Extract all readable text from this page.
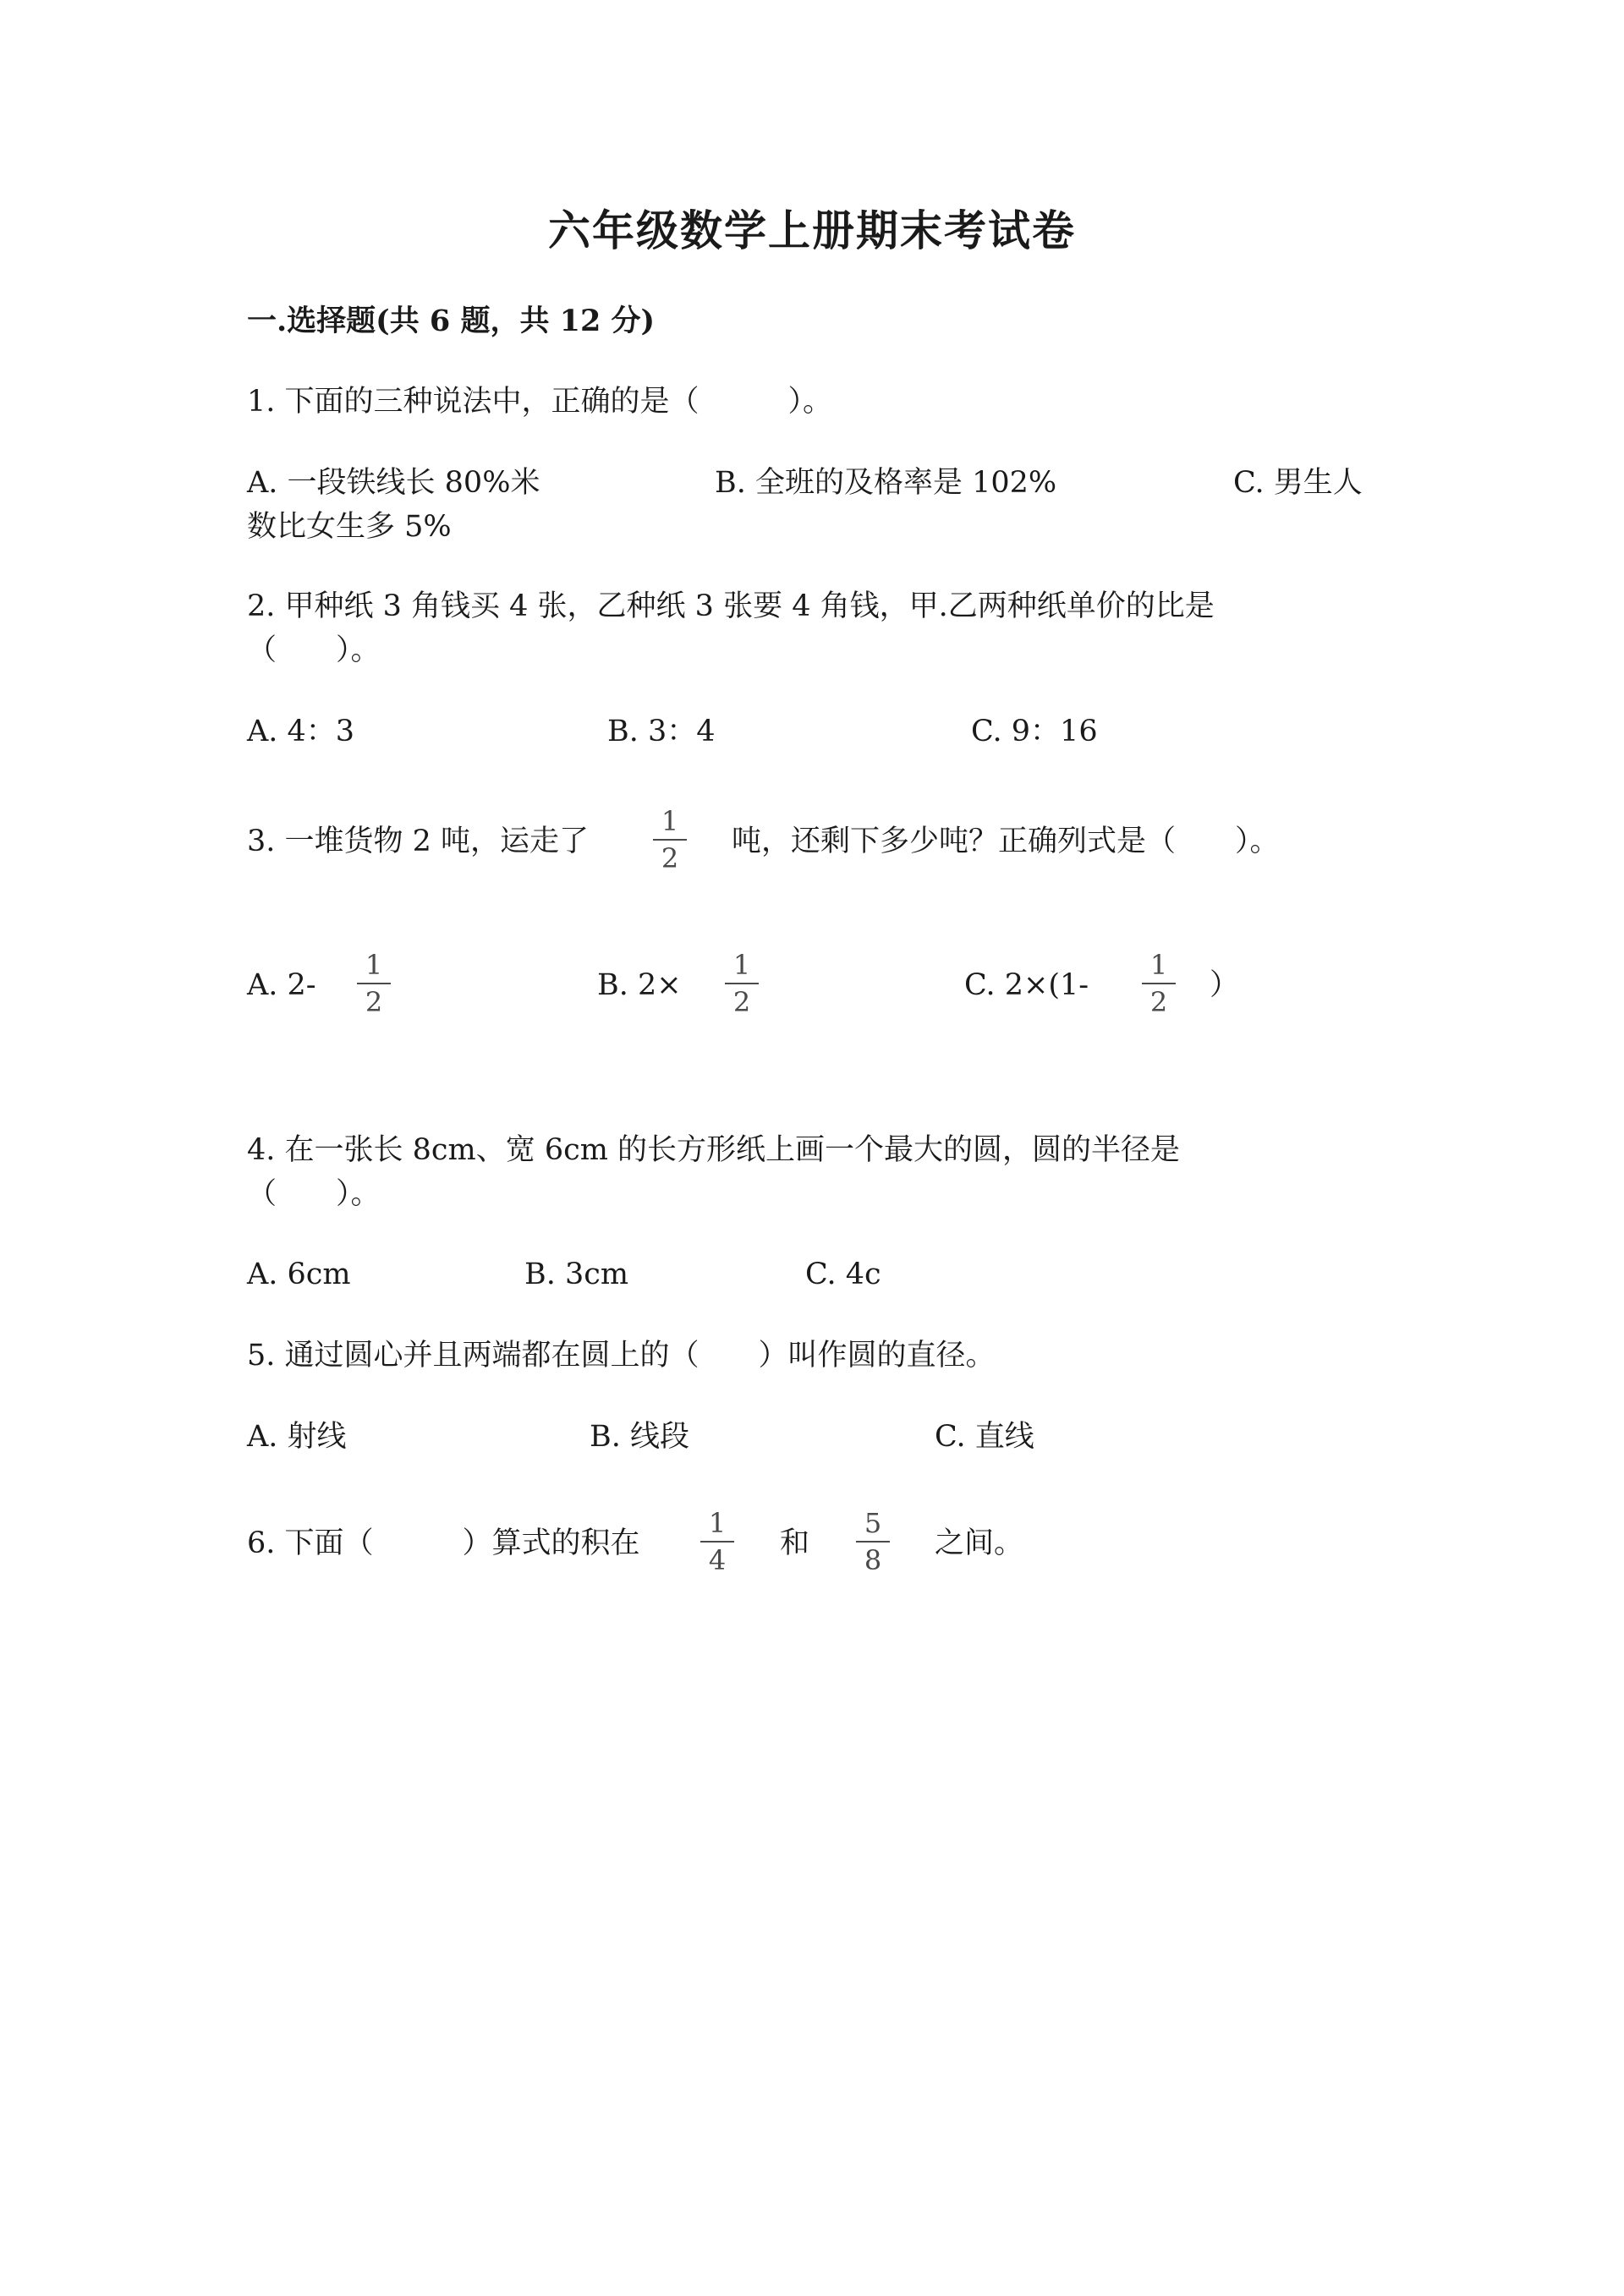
六年级数学上册期末考试卷
一.选择题(共 6 题，共 12 分)
1. 下面的三种说法中，正确的是（　　　）。
A. 一段铁线长 80%米	B. 全班的及格率是 102%	C. 男生人
数比女生多 5%
2. 甲种纸 3 角钱买 4 张，乙种纸 3 张要 4 角钱，甲.乙两种纸单价的比是
（　　）。
A. 4：3	B. 3：4	C. 9：16
3. 一堆货物 2 吨，运走了
1
2 吨，还剩下多少吨？正确列式是（　　）。
A. 2-
1
2	B. 2×
1
2	C. 2×(1-
1
2 ）
4. 在一张长 8cm、宽 6cm 的长方形纸上画一个最大的圆，圆的半径是
（　　）。
A. 6cm	B. 3cm	C. 4c
5. 通过圆心并且两端都在圆上的（　　）叫作圆的直径。
A. 射线	B. 线段	C. 直线
6. 下面（　　　）算式的积在
1
4 和
5
8 之间。
